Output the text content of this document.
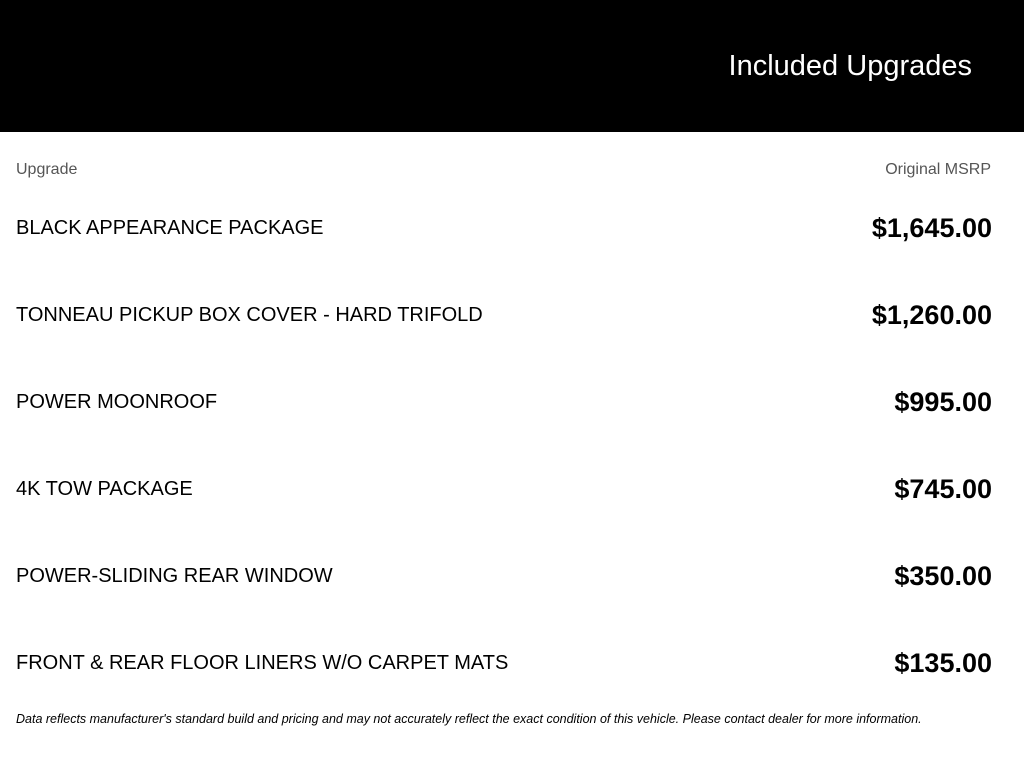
Included Upgrades
Upgrade	Original MSRP
BLACK APPEARANCE PACKAGE	$1,645.00
TONNEAU PICKUP BOX COVER - HARD TRIFOLD	$1,260.00
POWER MOONROOF	$995.00
4K TOW PACKAGE	$745.00
POWER-SLIDING REAR WINDOW	$350.00
FRONT & REAR FLOOR LINERS W/O CARPET MATS	$135.00
Data reflects manufacturer's standard build and pricing and may not accurately reflect the exact condition of this vehicle. Please contact dealer for more information.
